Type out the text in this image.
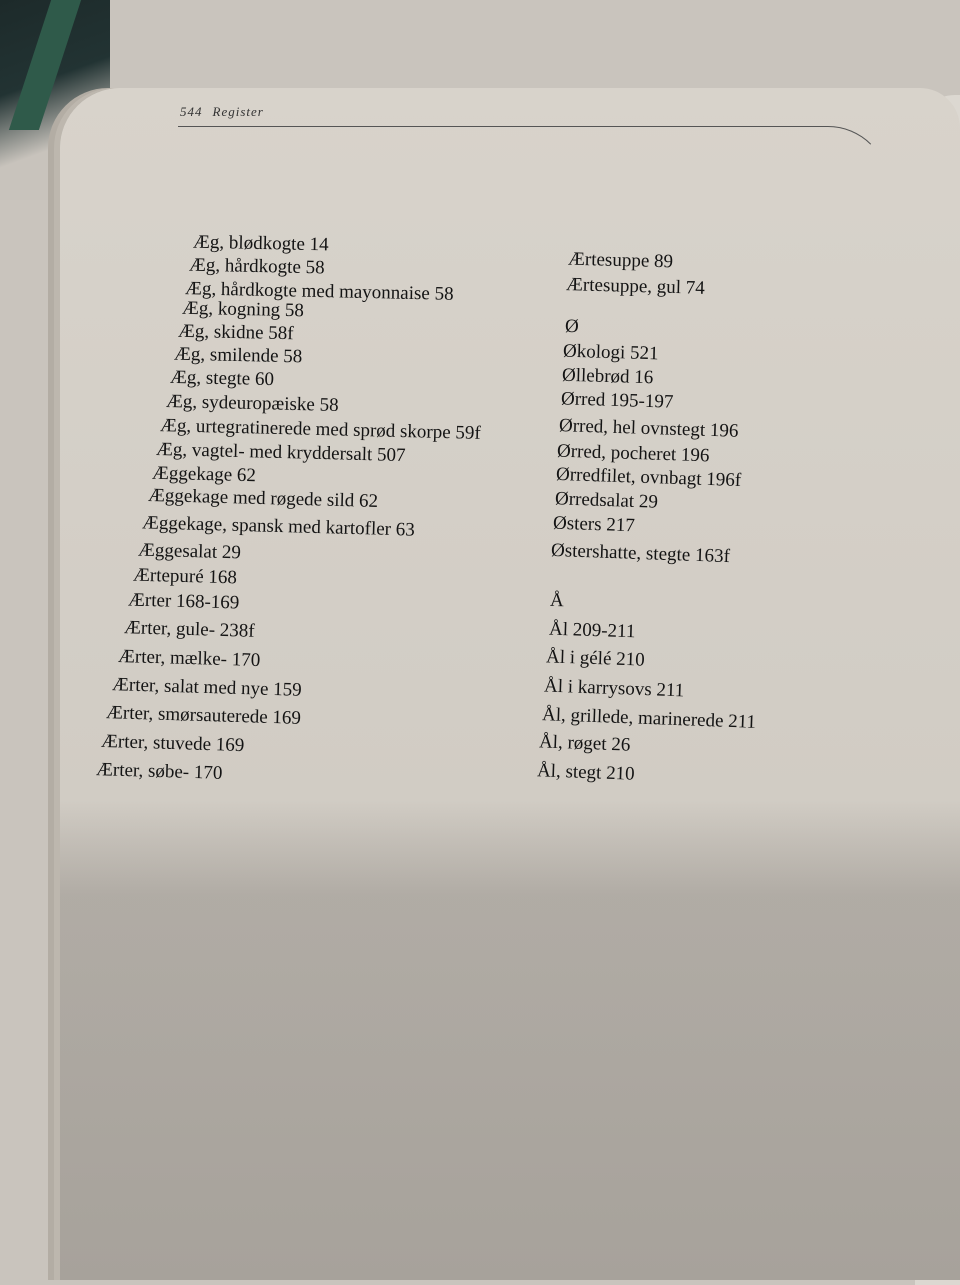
544 Register
Æg, blødkogte 14
Æg, hårdkogte 58
Æg, hårdkogte med mayonnaise 58
Æg, kogning 58
Æg, skidne 58f
Æg, smilende 58
Æg, stegte 60
Æg, sydeuropæiske 58
Æg, urtegratinerede med sprød skorpe 59f
Æg, vagtel- med kryddersalt 507
Æggekage 62
Æggekage med røgede sild 62
Æggekage, spansk med kartofler 63
Æggesalat 29
Ærtepuré 168
Ærter 168-169
Ærter, gule- 238f
Ærter, mælke- 170
Ærter, salat med nye 159
Ærter, smørsauterede 169
Ærter, stuvede 169
Ærter, søbe- 170
Ærtesuppe 89
Ærtesuppe, gul 74
Ø
Økologi 521
Øllebrød 16
Ørred 195-197
Ørred, hel ovnstegt 196
Ørred, pocheret 196
Ørredfilet, ovnbagt 196f
Ørredsalat 29
Østers 217
Østershatte, stegte 163f
Å
Ål 209-211
Ål i gélé 210
Ål i karrysovs 211
Ål, grillede, marinerede 211
Ål, røget 26
Ål, stegt 210
